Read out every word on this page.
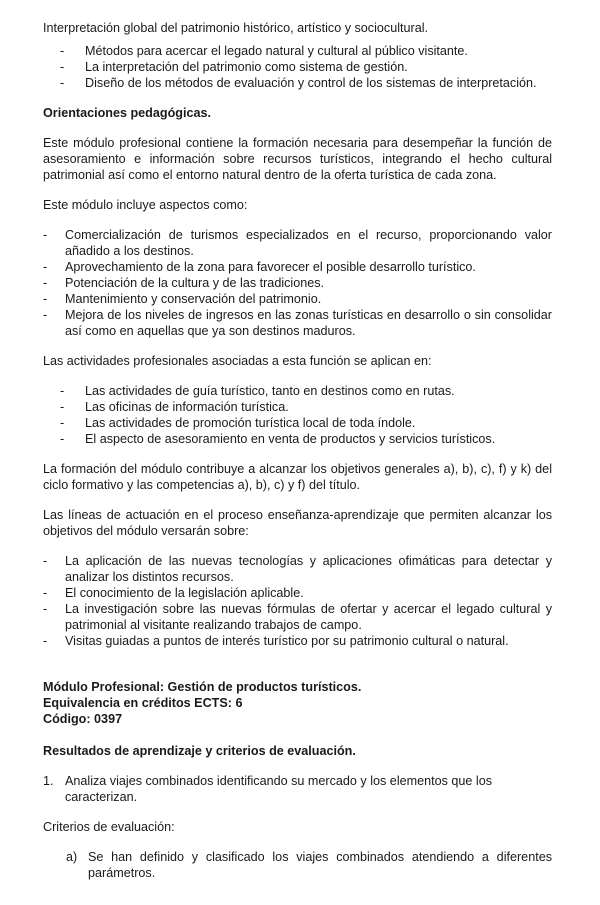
Interpretación global del patrimonio histórico, artístico y sociocultural.

- Métodos para acercar el legado natural y cultural al público visitante.
- La interpretación del patrimonio como sistema de gestión.
- Diseño de los métodos de evaluación y control de los sistemas de interpretación.

Orientaciones pedagógicas.

Este módulo profesional contiene la formación necesaria para desempeñar la función de asesoramiento e información sobre recursos turísticos, integrando el hecho cultural patrimonial así como el entorno natural dentro de la oferta turística de cada zona.

Este módulo incluye aspectos como:

- Comercialización de turismos especializados en el recurso, proporcionando valor añadido a los destinos.
- Aprovechamiento de la zona para favorecer el posible desarrollo turístico.
- Potenciación de la cultura y de las tradiciones.
- Mantenimiento y conservación del patrimonio.
- Mejora de los niveles de ingresos en las zonas turísticas en desarrollo o sin consolidar así como en aquellas que ya son destinos maduros.

Las actividades profesionales asociadas a esta función se aplican en:

- Las actividades de guía turístico, tanto en destinos como en rutas.
- Las oficinas de información turística.
- Las actividades de promoción turística local de toda índole.
- El aspecto de asesoramiento en venta de productos y servicios turísticos.

La formación del módulo contribuye a alcanzar los objetivos generales a), b), c), f) y k) del ciclo formativo y las competencias a), b), c) y f) del título.

Las líneas de actuación en el proceso enseñanza-aprendizaje que permiten alcanzar los objetivos del módulo versarán sobre:

- La aplicación de las nuevas tecnologías y aplicaciones ofimáticas para detectar y analizar los distintos recursos.
- El conocimiento de la legislación aplicable.
- La investigación sobre las nuevas fórmulas de ofertar y acercar el legado cultural y patrimonial al visitante realizando trabajos de campo.
- Visitas guiadas a puntos de interés turístico por su patrimonio cultural o natural.

Módulo Profesional: Gestión de productos turísticos.

Equivalencia en créditos ECTS: 6

Código: 0397

Resultados de aprendizaje y criterios de evaluación.

1. Analiza viajes combinados identificando su mercado y los elementos que los caracterizan.

Criterios de evaluación:

a) Se han definido y clasificado los viajes combinados atendiendo a diferentes parámetros.
